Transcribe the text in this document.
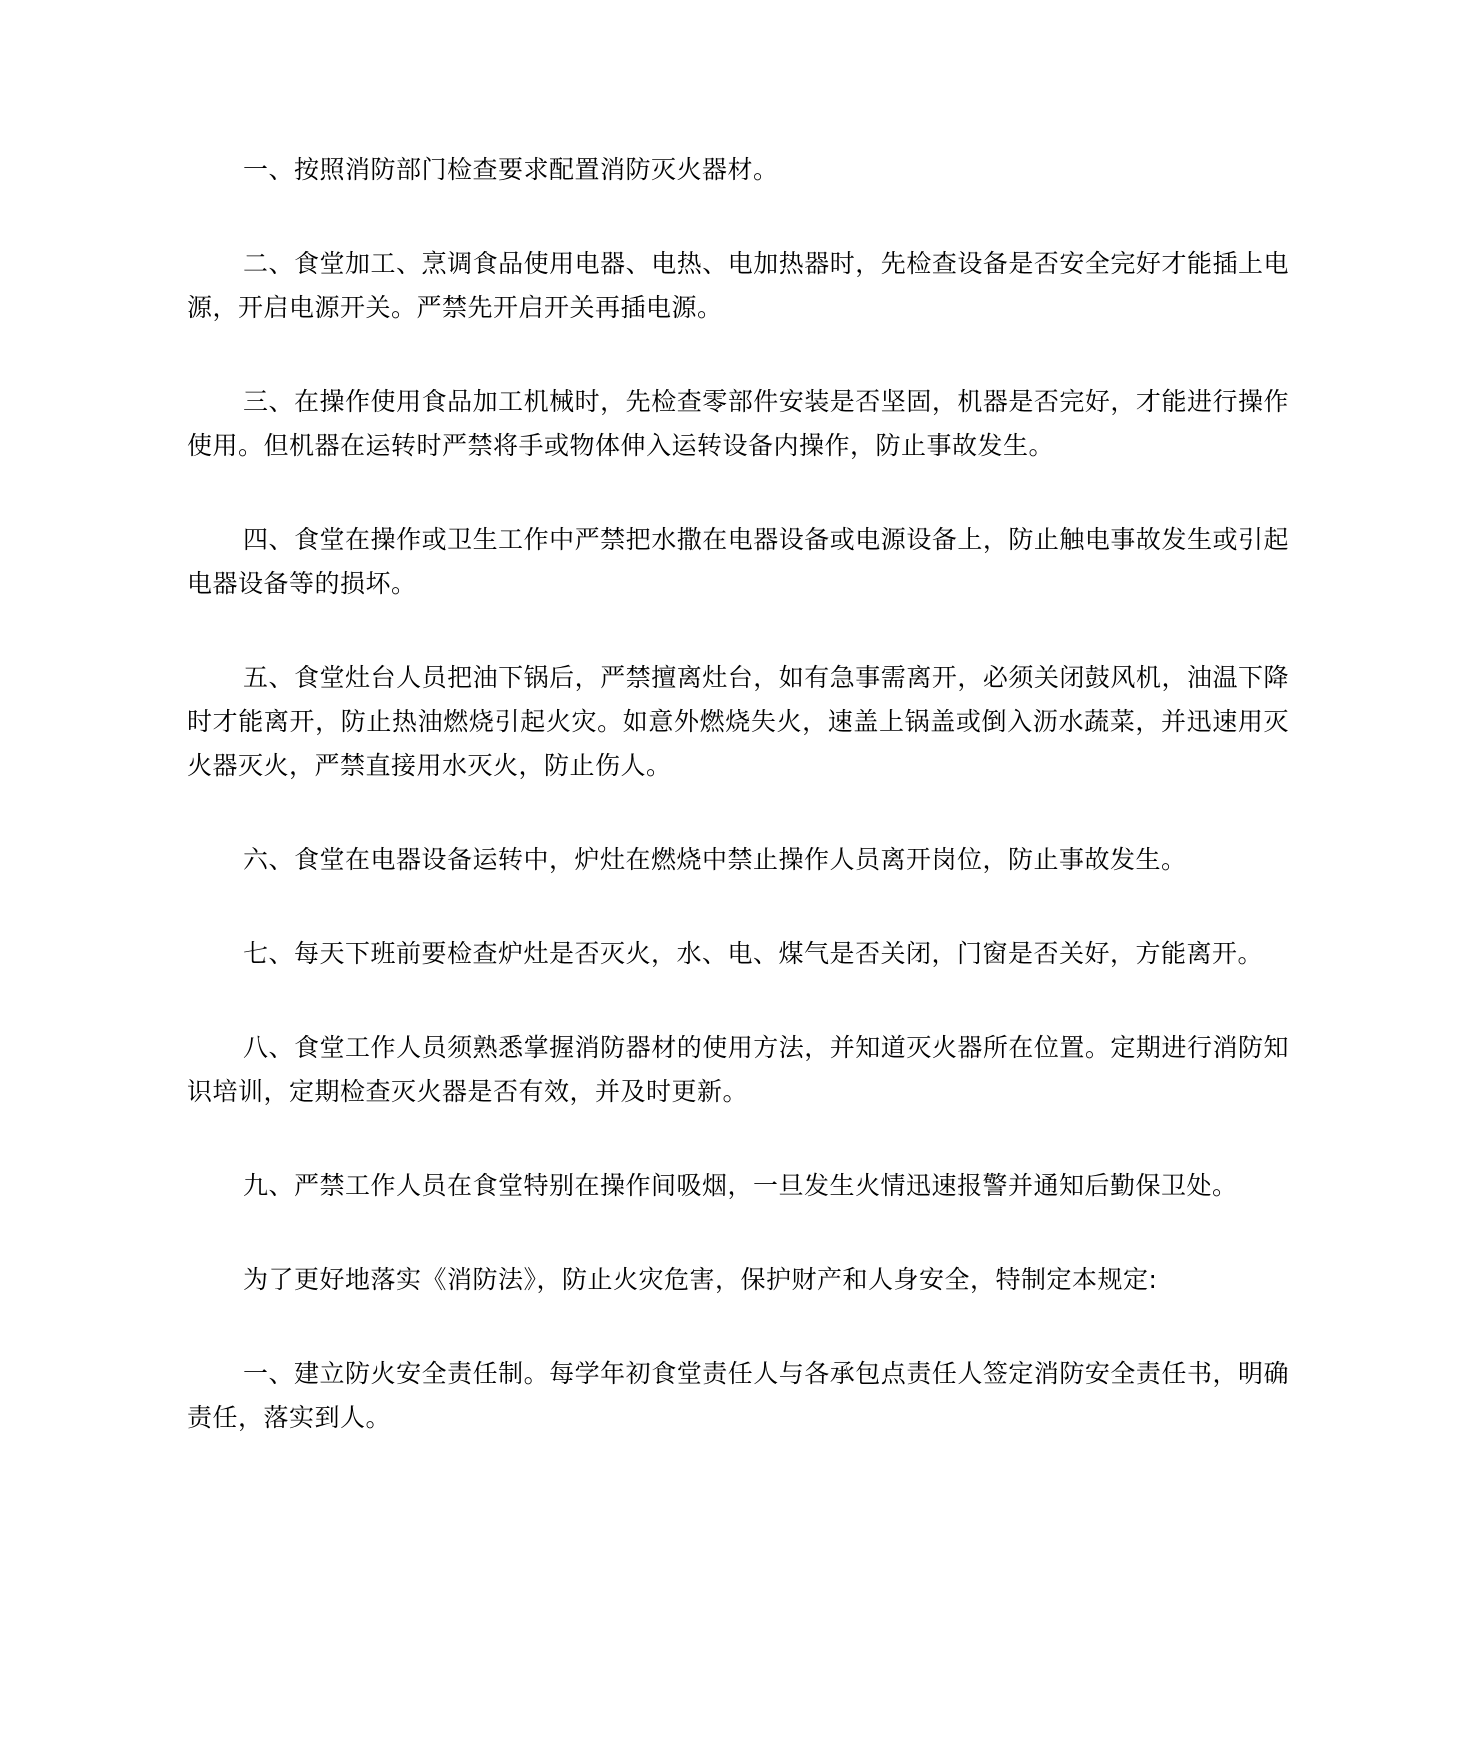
一、按照消防部门检查要求配置消防灭火器材。

二、食堂加工、烹调食品使用电器、电热、电加热器时，先检查设备是否安全完好才能插上电源，开启电源开关。严禁先开启开关再插电源。

三、在操作使用食品加工机械时，先检查零部件安装是否坚固，机器是否完好，才能进行操作使用。但机器在运转时严禁将手或物体伸入运转设备内操作，防止事故发生。

四、食堂在操作或卫生工作中严禁把水撒在电器设备或电源设备上，防止触电事故发生或引起电器设备等的损坏。

五、食堂灶台人员把油下锅后，严禁擅离灶台，如有急事需离开，必须关闭鼓风机，油温下降时才能离开，防止热油燃烧引起火灾。如意外燃烧失火，速盖上锅盖或倒入沥水蔬菜，并迅速用灭火器灭火，严禁直接用水灭火，防止伤人。

六、食堂在电器设备运转中，炉灶在燃烧中禁止操作人员离开岗位，防止事故发生。

七、每天下班前要检查炉灶是否灭火，水、电、煤气是否关闭，门窗是否关好，方能离开。

八、食堂工作人员须熟悉掌握消防器材的使用方法，并知道灭火器所在位置。定期进行消防知识培训，定期检查灭火器是否有效，并及时更新。

九、严禁工作人员在食堂特别在操作间吸烟，一旦发生火情迅速报警并通知后勤保卫处。

为了更好地落实《消防法》，防止火灾危害，保护财产和人身安全，特制定本规定:

一、建立防火安全责任制。每学年初食堂责任人与各承包点责任人签定消防安全责任书，明确责任，落实到人。
